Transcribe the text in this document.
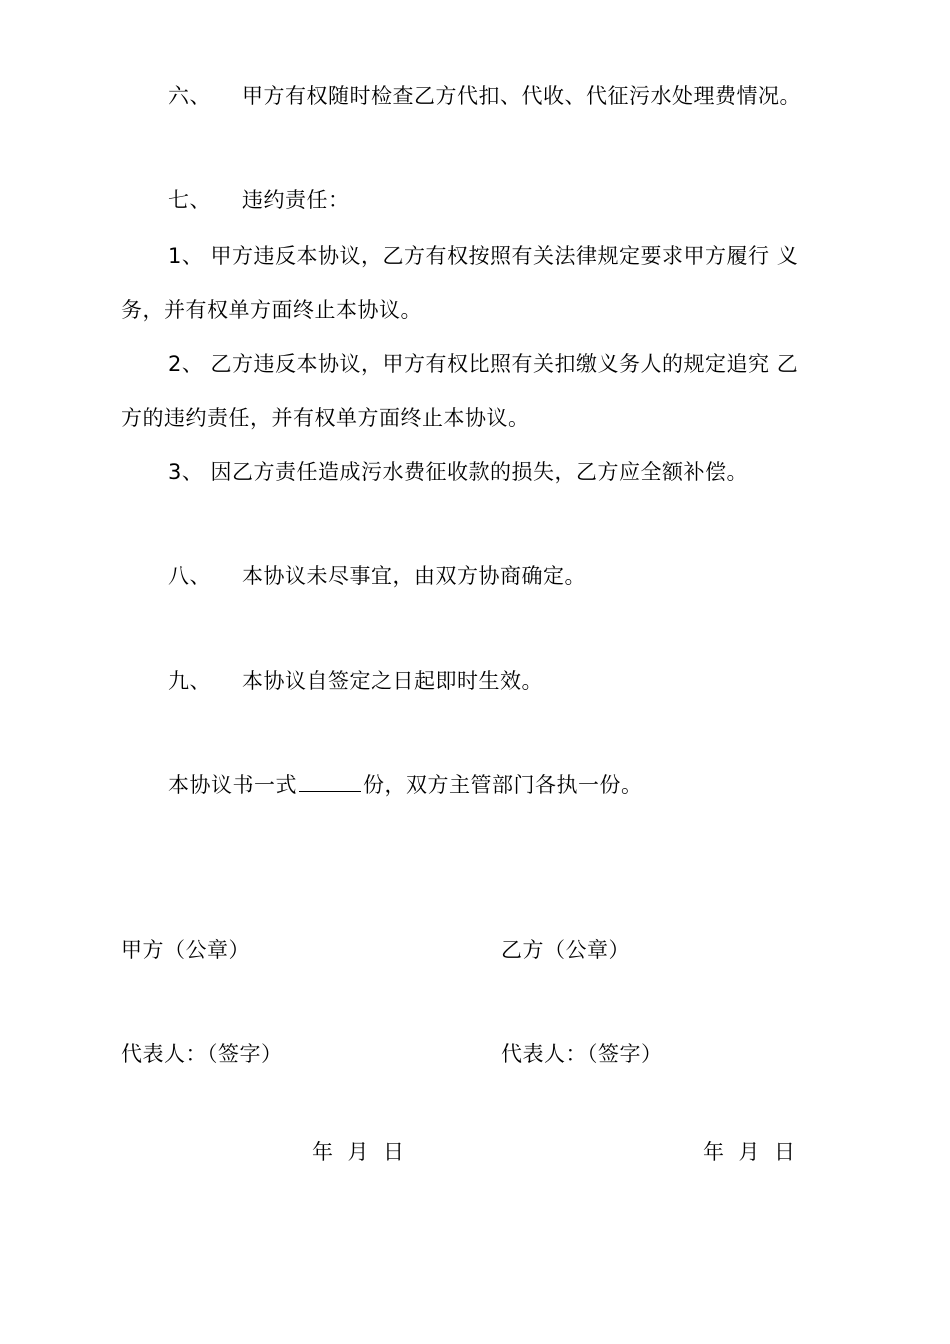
六、 甲方有权随时检查乙方代扣、代收、代征污水处理费情况。
七、 违约责任：
1、 甲方违反本协议，乙方有权按照有关法律规定要求甲方履行 义
务，并有权单方面终止本协议。
2、 乙方违反本协议，甲方有权比照有关扣缴义务人的规定追究 乙
方的违约责任，并有权单方面终止本协议。
3、 因乙方责任造成污水费征收款的损失，乙方应全额补偿。
八、 本协议未尽事宜，由双方协商确定。
九、 本协议自签定之日起即时生效。
本协议书一式	份，双方主管部门各执一份。
甲方（公章）	乙方（公章）
代表人：（签字）	代表人：（签字）
年 月 日	年 月 日
